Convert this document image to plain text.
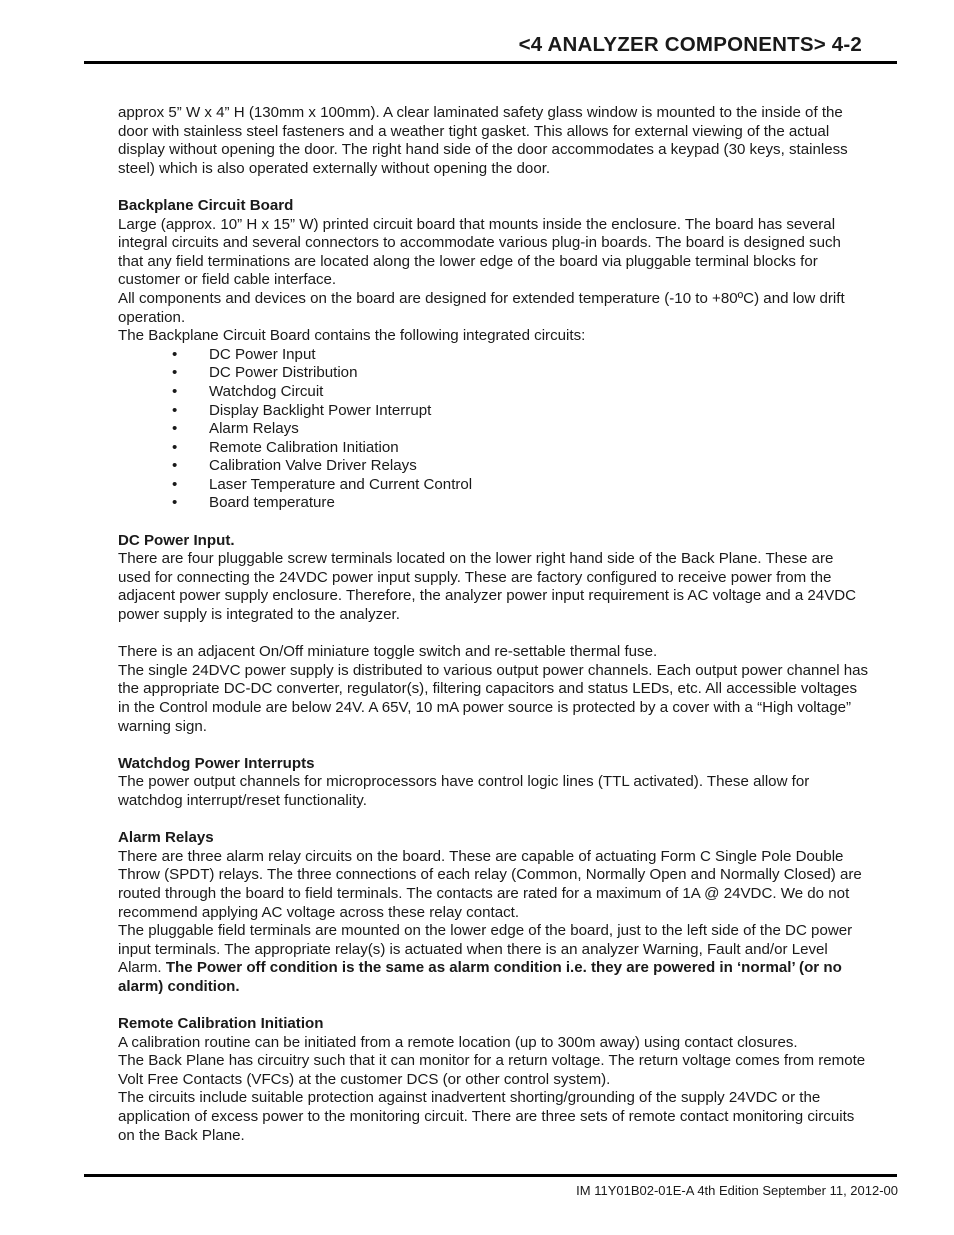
<4 ANALYZER COMPONENTS> 4-2

approx 5” W x 4” H (130mm x 100mm). A clear laminated safety glass window is mounted to the inside of the door with stainless steel fasteners and a weather tight gasket. This allows for external viewing of the actual display without opening the door. The right hand side of the door accommodates a keypad (30 keys, stainless steel) which is also operated externally without opening the door.

Backplane Circuit Board

Large (approx. 10” H x 15” W) printed circuit board that mounts inside the enclosure. The board has several integral circuits and several connectors to accommodate various plug-in boards. The board is designed such that any field terminations are located along the lower edge of the board via pluggable terminal blocks for customer or field cable interface.

All components and devices on the board are designed for extended temperature (-10 to +80ºC) and low drift operation.

The Backplane Circuit Board contains the following integrated circuits:

• DC Power Input
• DC Power Distribution
• Watchdog Circuit
• Display Backlight Power Interrupt
• Alarm Relays
• Remote Calibration Initiation
• Calibration Valve Driver Relays
• Laser Temperature and Current Control
• Board temperature

DC Power Input.

There are four pluggable screw terminals located on the lower right hand side of the Back Plane. These are used for connecting the 24VDC power input supply. These are factory configured to receive power from the adjacent power supply enclosure. Therefore, the analyzer power input requirement is AC voltage and a 24VDC power supply is integrated to the analyzer.

There is an adjacent On/Off miniature toggle switch and re-settable thermal fuse.

The single 24DVC power supply is distributed to various output power channels. Each output power channel has the appropriate DC-DC converter, regulator(s), filtering capacitors and status LEDs, etc. All accessible voltages in the Control module are below 24V. A 65V, 10 mA power source is protected by a cover with a “High voltage” warning sign.

Watchdog Power Interrupts

The power output channels for microprocessors have control logic lines (TTL activated). These allow for watchdog interrupt/reset functionality.

Alarm Relays

There are three alarm relay circuits on the board. These are capable of actuating Form C Single Pole Double Throw (SPDT) relays. The three connections of each relay (Common, Normally Open and Normally Closed) are routed through the board to field terminals. The contacts are rated for a maximum of 1A @ 24VDC. We do not recommend applying AC voltage across these relay contact.

The pluggable field terminals are mounted on the lower edge of the board, just to the left side of the DC power input terminals. The appropriate relay(s) is actuated when there is an analyzer Warning, Fault and/or Level Alarm. The Power off condition is the same as alarm condition i.e. they are powered in ‘normal’ (or no alarm) condition.

Remote Calibration Initiation

A calibration routine can be initiated from a remote location (up to 300m away) using contact closures.

The Back Plane has circuitry such that it can monitor for a return voltage. The return voltage comes from remote Volt Free Contacts (VFCs) at the customer DCS (or other control system).

The circuits include suitable protection against inadvertent shorting/grounding of the supply 24VDC or the application of excess power to the monitoring circuit. There are three sets of remote contact monitoring circuits on the Back Plane.

IM 11Y01B02-01E-A 4th Edition September 11, 2012-00
